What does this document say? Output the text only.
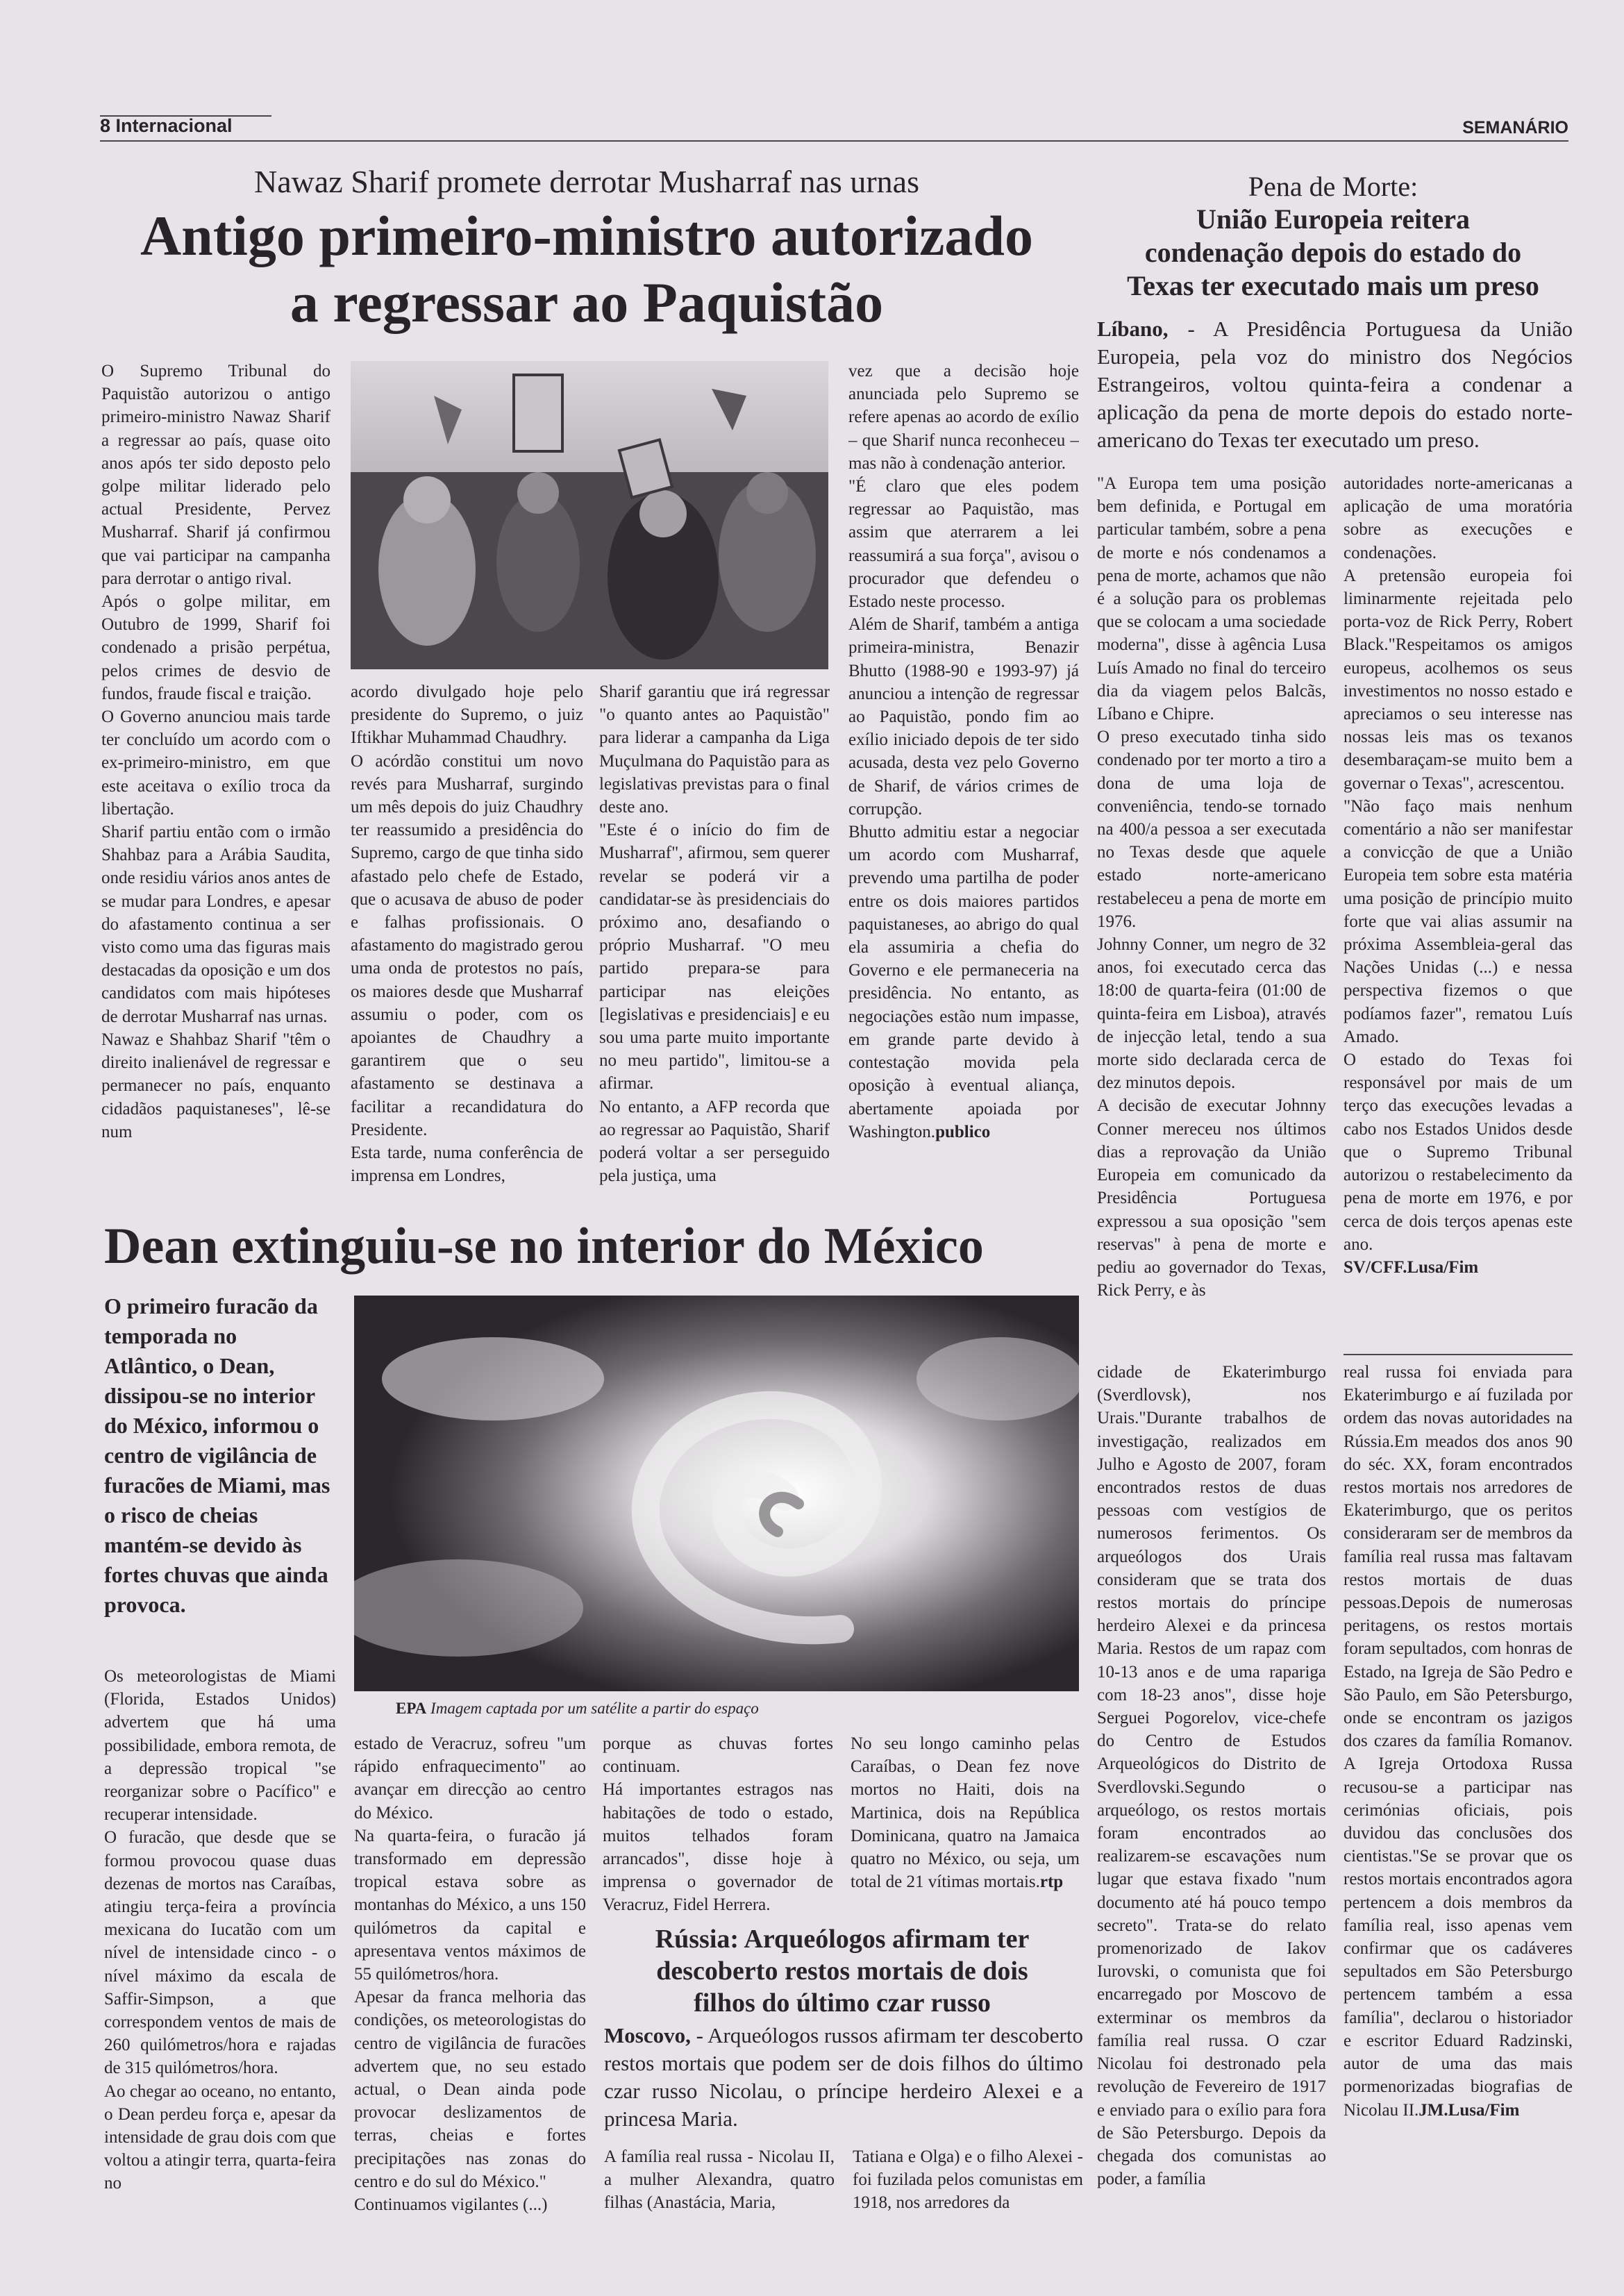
8 Internacional	SEMANÁRIO
Nawaz Sharif promete derrotar Musharraf nas urnas
Antigo primeiro-ministro autorizado
a regressar ao Paquistão

O Supremo Tribunal do Paquistão autorizou o antigo primeiro-ministro Nawaz Sharif a regressar ao país, quase oito anos após ter sido deposto pelo golpe militar liderado pelo actual Presidente, Pervez Musharraf. Sharif já confirmou que vai participar na campanha para derrotar o antigo rival.

Após o golpe militar, em Outubro de 1999, Sharif foi condenado a prisão perpétua, pelos crimes de desvio de fundos, fraude fiscal e traição.

O Governo anunciou mais tarde ter concluído um acordo com o ex-primeiro-ministro, em que este aceitava o exílio troca da libertação.

Sharif partiu então com o irmão Shahbaz para a Arábia Saudita, onde residiu vários anos antes de se mudar para Londres, e apesar do afastamento continua a ser visto como uma das figuras mais destacadas da oposição e um dos candidatos com mais hipóteses de derrotar Musharraf nas urnas.

Nawaz e Shahbaz Sharif "têm o direito inalienável de regressar e permanecer no país, enquanto cidadãos paquistaneses", lê-se num

acordo divulgado hoje pelo presidente do Supremo, o juiz Iftikhar Muhammad Chaudhry.

O acórdão constitui um novo revés para Musharraf, surgindo um mês depois do juiz Chaudhry ter reassumido a presidência do Supremo, cargo de que tinha sido afastado pelo chefe de Estado, que o acusava de abuso de poder e falhas profissionais. O afastamento do magistrado gerou uma onda de protestos no país, os maiores desde que Musharraf assumiu o poder, com os apoiantes de Chaudhry a garantirem que o seu afastamento se destinava a facilitar a recandidatura do Presidente.

Esta tarde, numa conferência de imprensa em Londres,

Sharif garantiu que irá regressar "o quanto antes ao Paquistão" para liderar a campanha da Liga Muçulmana do Paquistão para as legislativas previstas para o final deste ano.

"Este é o início do fim de Musharraf", afirmou, sem querer revelar se poderá vir a candidatar-se às presidenciais do próximo ano, desafiando o próprio Musharraf. "O meu partido prepara-se para participar nas eleições [legislativas e presidenciais] e eu sou uma parte muito importante no meu partido", limitou-se a afirmar.

No entanto, a AFP recorda que ao regressar ao Paquistão, Sharif poderá voltar a ser perseguido pela justiça, uma

vez que a decisão hoje anunciada pelo Supremo se refere apenas ao acordo de exílio – que Sharif nunca reconheceu – mas não à condenação anterior.

"É claro que eles podem regressar ao Paquistão, mas assim que aterrarem a lei reassumirá a sua força", avisou o procurador que defendeu o Estado neste processo.

Além de Sharif, também a antiga primeira-ministra, Benazir Bhutto (1988-90 e 1993-97) já anunciou a intenção de regressar ao Paquistão, pondo fim ao exílio iniciado depois de ter sido acusada, desta vez pelo Governo de Sharif, de vários crimes de corrupção.

Bhutto admitiu estar a negociar um acordo com Musharraf, prevendo uma partilha de poder entre os dois maiores partidos paquistaneses, ao abrigo do qual ela assumiria a chefia do Governo e ele permaneceria na presidência. No entanto, as negociações estão num impasse, em grande parte devido à contestação movida pela oposição à eventual aliança, abertamente apoiada por Washington.publico

Pena de Morte:
União Europeia reitera
condenação depois do estado do
Texas ter executado mais um preso
Líbano, - A Presidência Portuguesa da União Europeia, pela voz do ministro dos Negócios Estrangeiros, voltou quinta-feira a condenar a aplicação da pena de morte depois do estado norte-americano do Texas ter executado um preso.

"A Europa tem uma posição bem definida, e Portugal em particular também, sobre a pena de morte e nós condenamos a pena de morte, achamos que não é a solução para os problemas que se colocam a uma sociedade moderna", disse à agência Lusa Luís Amado no final do terceiro dia da viagem pelos Balcãs, Líbano e Chipre.

O preso executado tinha sido condenado por ter morto a tiro a dona de uma loja de conveniência, tendo-se tornado na 400/a pessoa a ser executada no Texas desde que aquele estado norte-americano restabeleceu a pena de morte em 1976.

Johnny Conner, um negro de 32 anos, foi executado cerca das 18:00 de quarta-feira (01:00 de quinta-feira em Lisboa), através de injecção letal, tendo a sua morte sido declarada cerca de dez minutos depois.

A decisão de executar Johnny Conner mereceu nos últimos dias a reprovação da União Europeia em comunicado da Presidência Portuguesa expressou a sua oposição "sem reservas" à pena de morte e pediu ao governador do Texas, Rick Perry, e às

autoridades norte-americanas a aplicação de uma moratória sobre as execuções e condenações.

A pretensão europeia foi liminarmente rejeitada pelo porta-voz de Rick Perry, Robert Black."Respeitamos os amigos europeus, acolhemos os seus investimentos no nosso estado e apreciamos o seu interesse nas nossas leis mas os texanos desembaraçam-se muito bem a governar o Texas", acrescentou.

"Não faço mais nenhum comentário a não ser manifestar a convicção de que a União Europeia tem sobre esta matéria uma posição de princípio muito forte que vai alias assumir na próxima Assembleia-geral das Nações Unidas (...) e nessa perspectiva fizemos o que podíamos fazer", rematou Luís Amado.

O estado do Texas foi responsável por mais de um terço das execuções levadas a cabo nos Estados Unidos desde que o Supremo Tribunal autorizou o restabelecimento da pena de morte em 1976, e por cerca de dois terços apenas este ano.

SV/CFF.Lusa/Fim

Dean extinguiu-se no interior do México
O primeiro furacão da temporada no Atlântico, o Dean, dissipou-se no interior do México, informou o centro de vigilância de furacões de Miami, mas o risco de cheias mantém-se devido às fortes chuvas que ainda provoca.
EPA Imagem captada por um satélite a partir do espaço

Os meteorologistas de Miami (Florida, Estados Unidos) advertem que há uma possibilidade, embora remota, de a depressão tropical "se reorganizar sobre o Pacífico" e recuperar intensidade.

O furacão, que desde que se formou provocou quase duas dezenas de mortos nas Caraíbas, atingiu terça-feira a província mexicana do Iucatão com um nível de intensidade cinco - o nível máximo da escala de Saffir-Simpson, a que correspondem ventos de mais de 260 quilómetros/hora e rajadas de 315 quilómetros/hora.

Ao chegar ao oceano, no entanto, o Dean perdeu força e, apesar da intensidade de grau dois com que voltou a atingir terra, quarta-feira no

estado de Veracruz, sofreu "um rápido enfraquecimento" ao avançar em direcção ao centro do México.

Na quarta-feira, o furacão já transformado em depressão tropical estava sobre as montanhas do México, a uns 150 quilómetros da capital e apresentava ventos máximos de 55 quilómetros/hora.

Apesar da franca melhoria das condições, os meteorologistas do centro de vigilância de furacões advertem que, no seu estado actual, o Dean ainda pode provocar deslizamentos de terras, cheias e fortes precipitações nas zonas do centro e do sul do México."

Continuamos vigilantes (...)

porque as chuvas fortes continuam.

Há importantes estragos nas habitações de todo o estado, muitos telhados foram arrancados", disse hoje à imprensa o governador de Veracruz, Fidel Herrera.

No seu longo caminho pelas Caraíbas, o Dean fez nove mortos no Haiti, dois na Martinica, dois na República Dominicana, quatro na Jamaica quatro no México, ou seja, um total de 21 vítimas mortais.rtp

Rússia: Arqueólogos afirmam ter
descoberto restos mortais de dois
filhos do último czar russo
Moscovo, - Arqueólogos russos afirmam ter descoberto restos mortais que podem ser de dois filhos do último czar russo Nicolau, o príncipe herdeiro Alexei e a princesa Maria.

A família real russa - Nicolau II, a mulher Alexandra, quatro filhas (Anastácia, Maria,

Tatiana e Olga) e o filho Alexei - foi fuzilada pelos comunistas em 1918, nos arredores da

cidade de Ekaterimburgo (Sverdlovsk), nos Urais."Durante trabalhos de investigação, realizados em Julho e Agosto de 2007, foram encontrados restos de duas pessoas com vestígios de numerosos ferimentos. Os arqueólogos dos Urais consideram que se trata dos restos mortais do príncipe herdeiro Alexei e da princesa Maria. Restos de um rapaz com 10-13 anos e de uma rapariga com 18-23 anos", disse hoje Serguei Pogorelov, vice-chefe do Centro de Estudos Arqueológicos do Distrito de Sverdlovski.Segundo o arqueólogo, os restos mortais foram encontrados ao realizarem-se escavações num lugar que estava fixado "num documento até há pouco tempo secreto". Trata-se do relato promenorizado de Iakov Iurovski, o comunista que foi encarregado por Moscovo de exterminar os membros da família real russa. O czar Nicolau foi destronado pela revolução de Fevereiro de 1917 e enviado para o exílio para fora de São Petersburgo. Depois da chegada dos comunistas ao poder, a família

real russa foi enviada para Ekaterimburgo e aí fuzilada por ordem das novas autoridades na Rússia.Em meados dos anos 90 do séc. XX, foram encontrados restos mortais nos arredores de Ekaterimburgo, que os peritos consideraram ser de membros da família real russa mas faltavam restos mortais de duas pessoas.Depois de numerosas peritagens, os restos mortais foram sepultados, com honras de Estado, na Igreja de São Pedro e São Paulo, em São Petersburgo, onde se encontram os jazigos dos czares da família Romanov. A Igreja Ortodoxa Russa recusou-se a participar nas cerimónias oficiais, pois duvidou das conclusões dos cientistas."Se se provar que os restos mortais encontrados agora pertencem a dois membros da família real, isso apenas vem confirmar que os cadáveres sepultados em São Petersburgo pertencem também a essa família", declarou o historiador e escritor Eduard Radzinski, autor de uma das mais pormenorizadas biografias de Nicolau II.JM.Lusa/Fim
